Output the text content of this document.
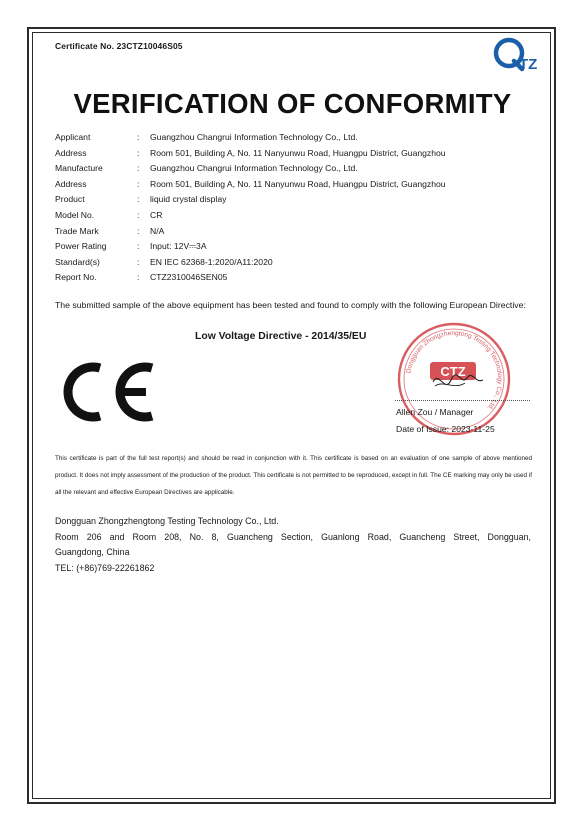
Certificate No. 23CTZ10046S05
TZ
VERIFICATION OF CONFORMITY
Applicant	:	Guangzhou Changrui Information Technology Co., Ltd.
Address	:	Room 501, Building A, No. 11 Nanyunwu Road, Huangpu District, Guangzhou
Manufacture	:	Guangzhou Changrui Information Technology Co., Ltd.
Address	:	Room 501, Building A, No. 11 Nanyunwu Road, Huangpu District, Guangzhou
Product	:	liquid crystal display
Model No.	:	CR
Trade Mark	:	N/A
Power Rating	:	Input: 12V⎓3A
Standard(s)	:	EN IEC 62368-1:2020/A11:2020
Report No.	:	CTZ2310046SEN05
The submitted sample of the above equipment has been tested and found to comply with the following European Directive:
Low Voltage Directive - 2014/35/EU
Dongguan Zhongzhengtong Testing Technology Co., Ltd.
CTZ
Allen Zou / Manager
Date of Issue: 2023-11-25
This certificate is part of the full test report(s) and should be read in conjunction with it. This certificate is based on an evaluation of one sample of above mentioned product. It does not imply assessment of the production of the product. This certificate is not permitted to be reproduced, except in full. The CE marking may only be used if all the relevant and effective European Directives are applicable.
Dongguan Zhongzhengtong Testing Technology Co., Ltd.
Room 206 and Room 208, No. 8, Guancheng Section, Guanlong Road, Guancheng Street, Dongguan,
Guangdong, China
TEL: (+86)769-22261862
